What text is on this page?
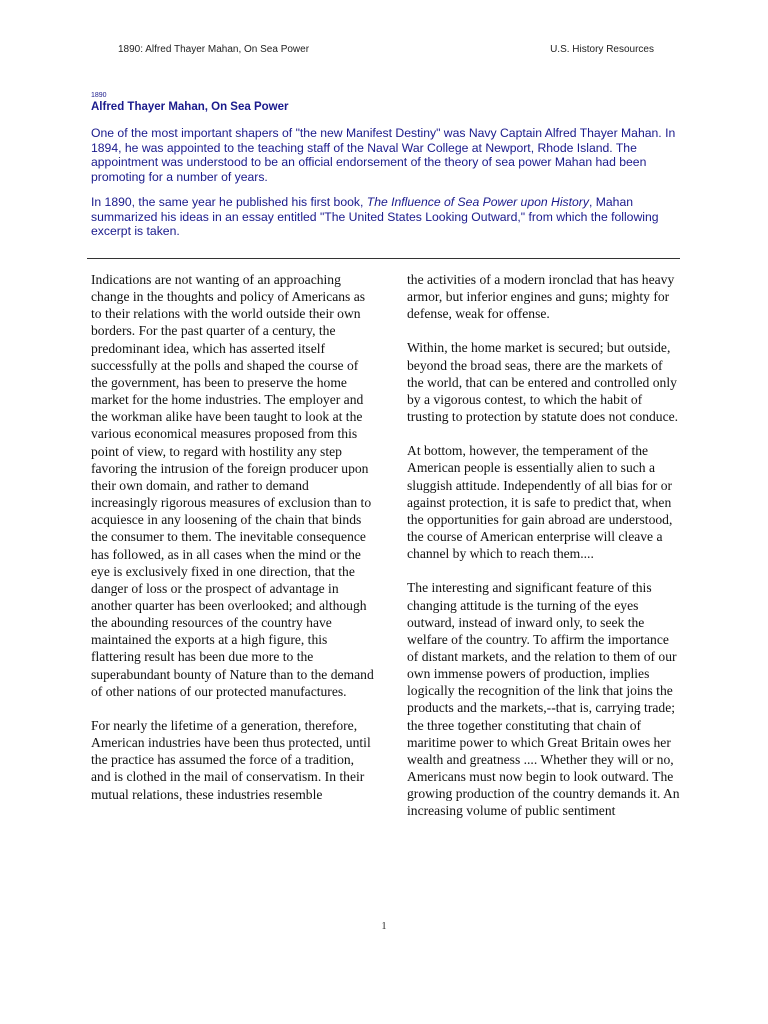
1890: Alfred Thayer Mahan, On Sea Power	U.S. History Resources
1890
Alfred Thayer Mahan, On Sea Power

One of the most important shapers of "the new Manifest Destiny" was Navy Captain Alfred Thayer Mahan. In 1894, he was appointed to the teaching staff of the Naval War College at Newport, Rhode Island. The appointment was understood to be an official endorsement of the theory of sea power Mahan had been promoting for a number of years.

In 1890, the same year he published his first book, The Influence of Sea Power upon History, Mahan summarized his ideas in an essay entitled "The United States Looking Outward," from which the following excerpt is taken.

Indications are not wanting of an approaching change in the thoughts and policy of Americans as to their relations with the world outside their own borders. For the past quarter of a century, the predominant idea, which has asserted itself successfully at the polls and shaped the course of the government, has been to preserve the home market for the home industries. The employer and the workman alike have been taught to look at the various economical measures proposed from this point of view, to regard with hostility any step favoring the intrusion of the foreign producer upon their own domain, and rather to demand increasingly rigorous measures of exclusion than to acquiesce in any loosening of the chain that binds the consumer to them. The inevitable consequence has followed, as in all cases when the mind or the eye is exclusively fixed in one direction, that the danger of loss or the prospect of advantage in another quarter has been overlooked; and although the abounding resources of the country have maintained the exports at a high figure, this flattering result has been due more to the superabundant bounty of Nature than to the demand of other nations of our protected manufactures.

For nearly the lifetime of a generation, therefore, American industries have been thus protected, until the practice has assumed the force of a tradition, and is clothed in the mail of conservatism. In their mutual relations, these industries resemble

the activities of a modern ironclad that has heavy armor, but inferior engines and guns; mighty for defense, weak for offense.

Within, the home market is secured; but outside, beyond the broad seas, there are the markets of the world, that can be entered and controlled only by a vigorous contest, to which the habit of trusting to protection by statute does not conduce.

At bottom, however, the temperament of the American people is essentially alien to such a sluggish attitude. Independently of all bias for or against protection, it is safe to predict that, when the opportunities for gain abroad are understood, the course of American enterprise will cleave a channel by which to reach them....

The interesting and significant feature of this changing attitude is the turning of the eyes outward, instead of inward only, to seek the welfare of the country. To affirm the importance of distant markets, and the relation to them of our own immense powers of production, implies logically the recognition of the link that joins the products and the markets,--that is, carrying trade; the three together constituting that chain of maritime power to which Great Britain owes her wealth and greatness .... Whether they will or no, Americans must now begin to look outward. The growing production of the country demands it. An increasing volume of public sentiment

1
